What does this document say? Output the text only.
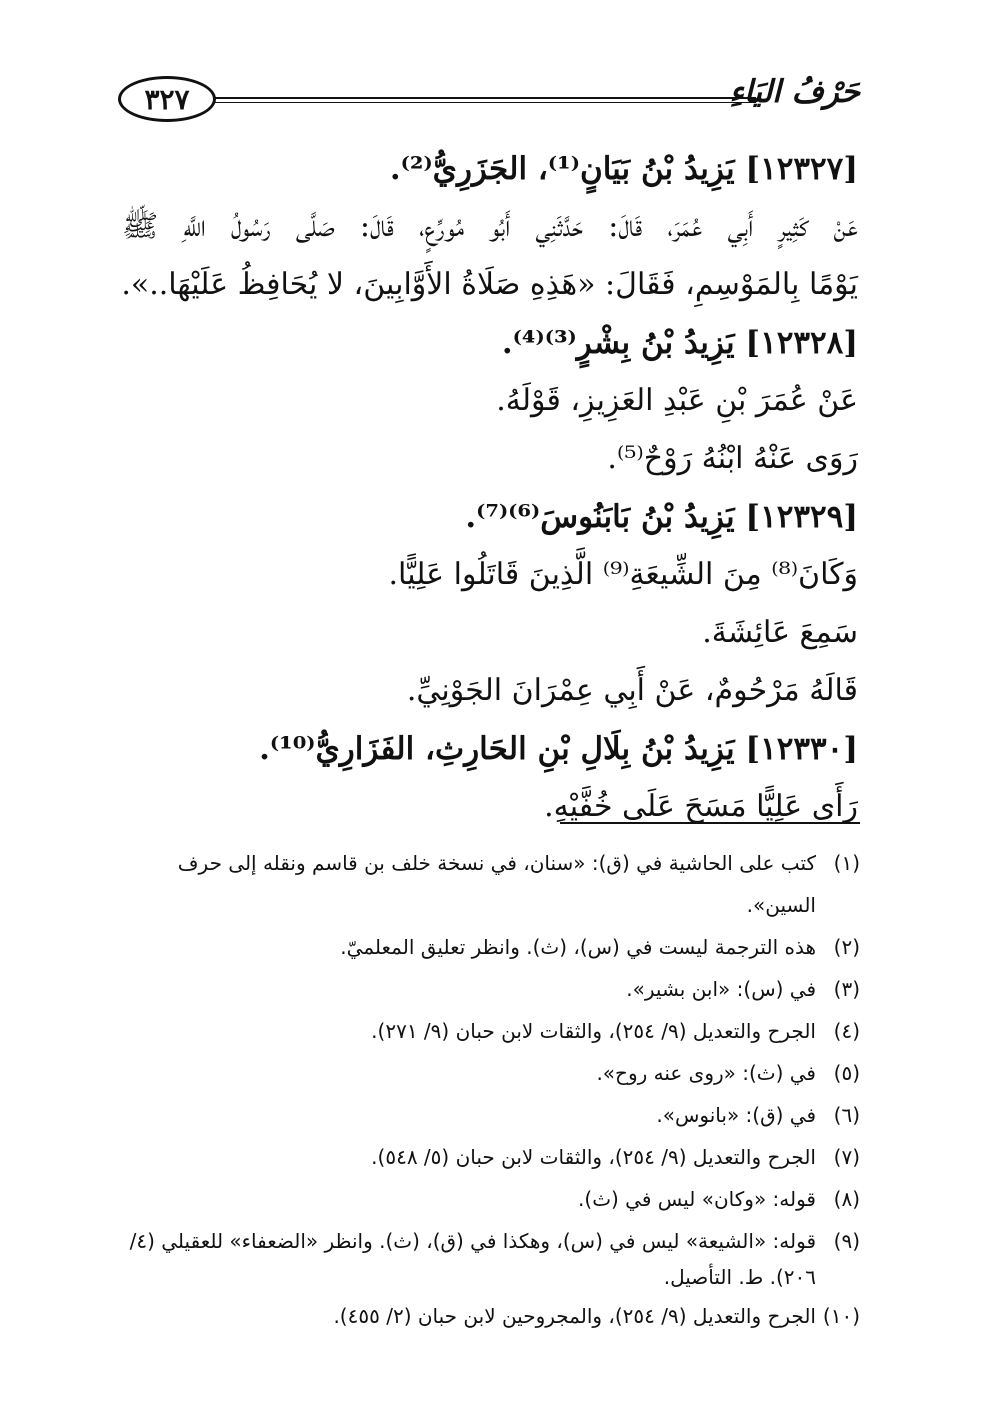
حَرْفُ اليَاءِ
٣٢٧
[١٢٣٢٧] يَزِيدُ بْنُ بَيَانٍ⁽¹⁾، الجَزَرِيُّ⁽²⁾.
عَنْ كَثِيرٍ أَبِي عُمَرَ، قَالَ: حَدَّثَنِي أَبُو مُورِّعٍ، قَالَ: صَلَّى رَسُولُ اللَّهِ ﷺ
يَوْمًا بِالمَوْسِمِ، فَقَالَ: «هَذِهِ صَلَاةُ الأَوَّابِينَ، لا يُحَافِظُ عَلَيْهَا..».
[١٢٣٢٨] يَزِيدُ بْنُ بِشْرٍ⁽³⁾⁽⁴⁾.
عَنْ عُمَرَ بْنِ عَبْدِ العَزِيزِ، قَوْلَهُ.
رَوَى عَنْهُ ابْنُهُ رَوْحٌ⁽⁵⁾.
[١٢٣٢٩] يَزِيدُ بْنُ بَابَنُوسَ⁽⁶⁾⁽⁷⁾.
وَكَانَ⁽⁸⁾ مِنَ الشِّيعَةِ⁽⁹⁾ الَّذِينَ قَاتَلُوا عَلِيًّا.
سَمِعَ عَائِشَةَ.
قَالَهُ مَرْحُومٌ، عَنْ أَبِي عِمْرَانَ الجَوْنِيِّ.
[١٢٣٣٠] يَزِيدُ بْنُ بِلَالِ بْنِ الحَارِثِ، الفَزَارِيُّ⁽¹⁰⁾.
رَأَى عَلِيًّا مَسَحَ عَلَى خُفَّيْهِ.
(١)
كتب على الحاشية في (ق): «سنان، في نسخة خلف بن قاسم ونقله إلى حرف السين».
(٢)
هذه الترجمة ليست في (س)، (ث). وانظر تعليق المعلميّ.
(٣)
في (س): «ابن بشير».
(٤)
الجرح والتعديل (٩/ ٢٥٤)، والثقات لابن حبان (٩/ ٢٧١).
(٥)
في (ث): «روى عنه روح».
(٦)
في (ق): «بانوس».
(٧)
الجرح والتعديل (٩/ ٢٥٤)، والثقات لابن حبان (٥/ ٥٤٨).
(٨)
قوله: «وكان» ليس في (ث).
(٩)
قوله: «الشيعة» ليس في (س)، وهكذا في (ق)، (ث). وانظر «الضعفاء» للعقيلي (٤/ ٢٠٦). ط. التأصيل.
(١٠)
الجرح والتعديل (٩/ ٢٥٤)، والمجروحين لابن حبان (٢/ ٤٥٥).
